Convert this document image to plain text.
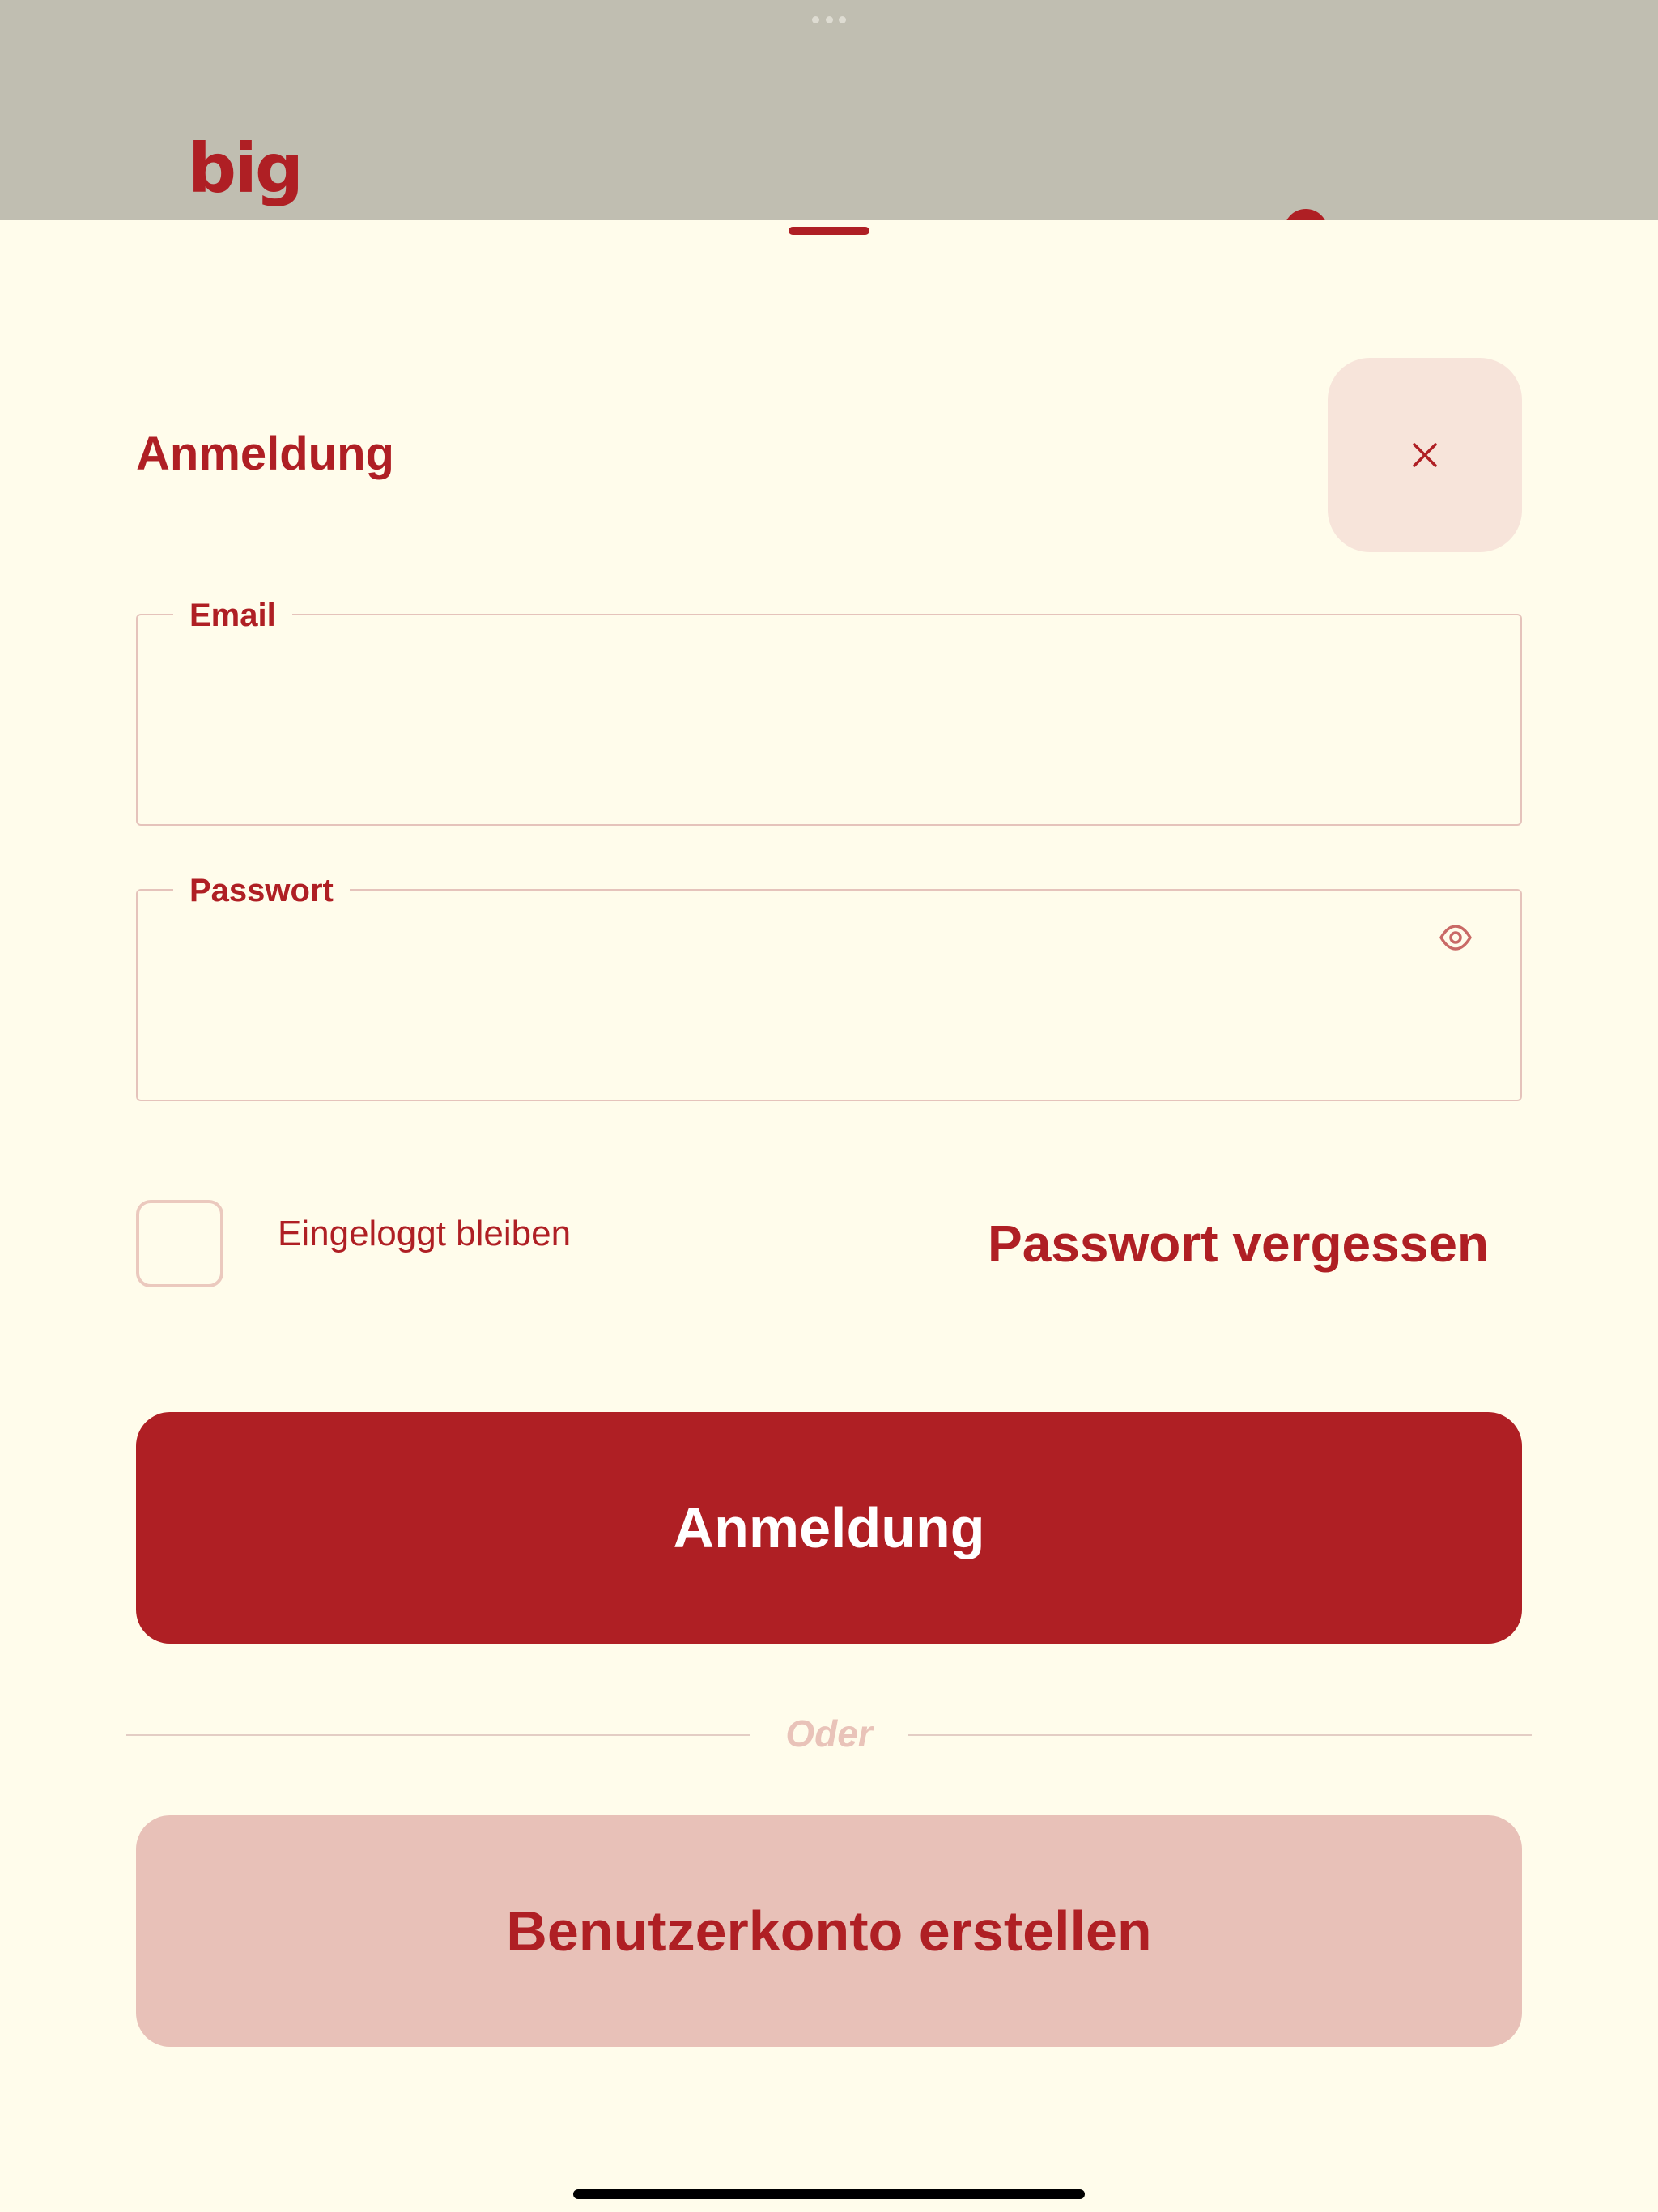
big
Anmeldung
Email
Passwort
Eingeloggt bleiben	Passwort vergessen
Anmeldung
Oder
Benutzerkonto erstellen
